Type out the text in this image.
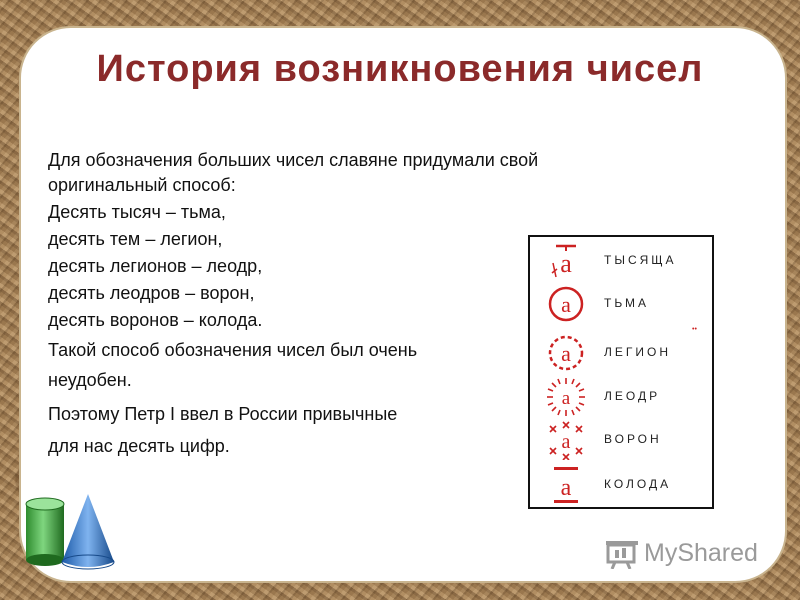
История возникновения чисел

Для обозначения больших чисел славяне придумали свой

оригинальный способ:

Десять тысяч – тьма,

десять тем – легион,

десять легионов – леодр,

десять леодров – ворон,

десять воронов – колода.

Такой способ обозначения чисел был очень

неудобен.

Поэтому Петр I ввел в России привычные

для нас десять цифр.

а	ТЫСЯЩА
а	ТЬМА
а	ЛЕГИОН
а	ЛЕОДР
а	ВОРОН
а	КОЛОДА
••
MyShared
